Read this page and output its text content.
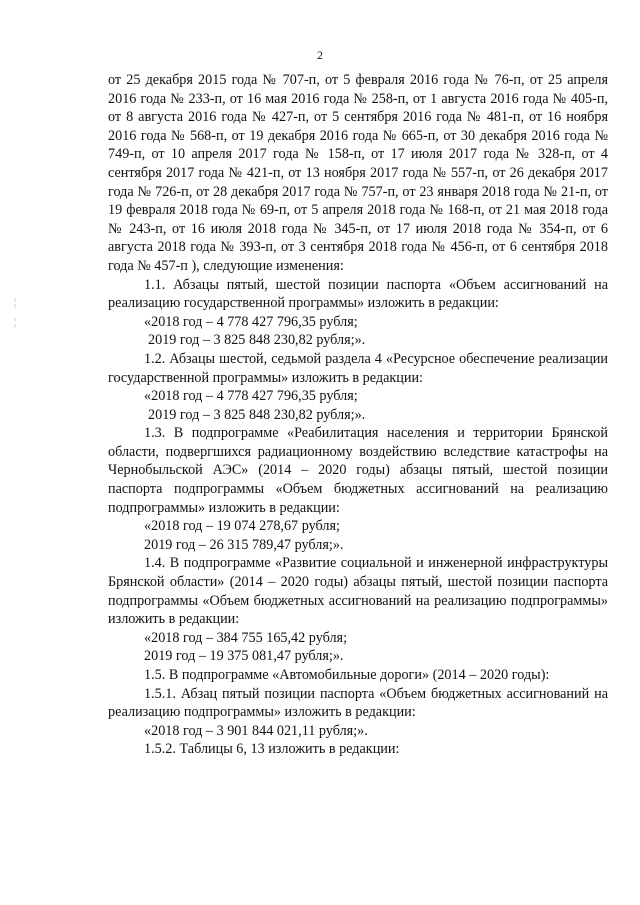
2
¦
¦

от 25 декабря 2015 года № 707-п, от 5 февраля 2016 года № 76-п, от 25 апреля 2016 года № 233-п, от 16 мая 2016 года № 258-п, от 1 августа 2016 года № 405-п, от 8 августа 2016 года № 427-п, от 5 сентября 2016 года № 481-п, от 16 ноября 2016 года № 568-п, от 19 декабря 2016 года № 665-п, от 30 декабря 2016 года № 749-п, от 10 апреля 2017 года № 158-п, от 17 июля 2017 года № 328-п, от 4 сентября 2017 года № 421-п, от 13 ноября 2017 года № 557-п, от 26 декабря 2017 года № 726-п, от 28 декабря 2017 года № 757-п, от 23 января 2018 года № 21-п, от 19 февраля 2018 года № 69-п, от 5 апреля 2018 года № 168-п, от 21 мая 2018 года № 243-п, от 16 июля 2018 года № 345-п, от 17 июля 2018 года № 354-п, от 6 августа 2018 года № 393-п, от 3 сентября 2018 года № 456-п, от 6 сентября 2018 года № 457-п ), следующие изменения:

1.1. Абзацы пятый, шестой позиции паспорта «Объем ассигнований на реализацию государственной программы» изложить в редакции:

«2018 год – 4 778 427 796,35 рубля;

2019 год – 3 825 848 230,82 рубля;».

1.2. Абзацы шестой, седьмой раздела 4 «Ресурсное обеспечение реализации государственной программы» изложить в редакции:

«2018 год – 4 778 427 796,35 рубля;

2019 год – 3 825 848 230,82 рубля;».

1.3. В подпрограмме «Реабилитация населения и территории Брянской области, подвергшихся радиационному воздействию вследствие катастрофы на Чернобыльской АЭС» (2014 – 2020 годы) абзацы пятый, шестой позиции паспорта подпрограммы «Объем бюджетных ассигнований на реализацию подпрограммы» изложить в редакции:

«2018 год – 19 074 278,67 рубля;

2019 год – 26 315 789,47 рубля;».

1.4. В подпрограмме «Развитие социальной и инженерной инфраструктуры Брянской области» (2014 – 2020 годы) абзацы пятый, шестой позиции паспорта подпрограммы «Объем бюджетных ассигнований на реализацию подпрограммы» изложить в редакции:

«2018 год – 384 755 165,42 рубля;

2019 год – 19 375 081,47 рубля;».

1.5. В подпрограмме «Автомобильные дороги» (2014 – 2020 годы):

1.5.1. Абзац пятый позиции паспорта «Объем бюджетных ассигнований на реализацию подпрограммы» изложить в редакции:

«2018 год – 3 901 844 021,11 рубля;».

1.5.2. Таблицы 6, 13 изложить в редакции:
